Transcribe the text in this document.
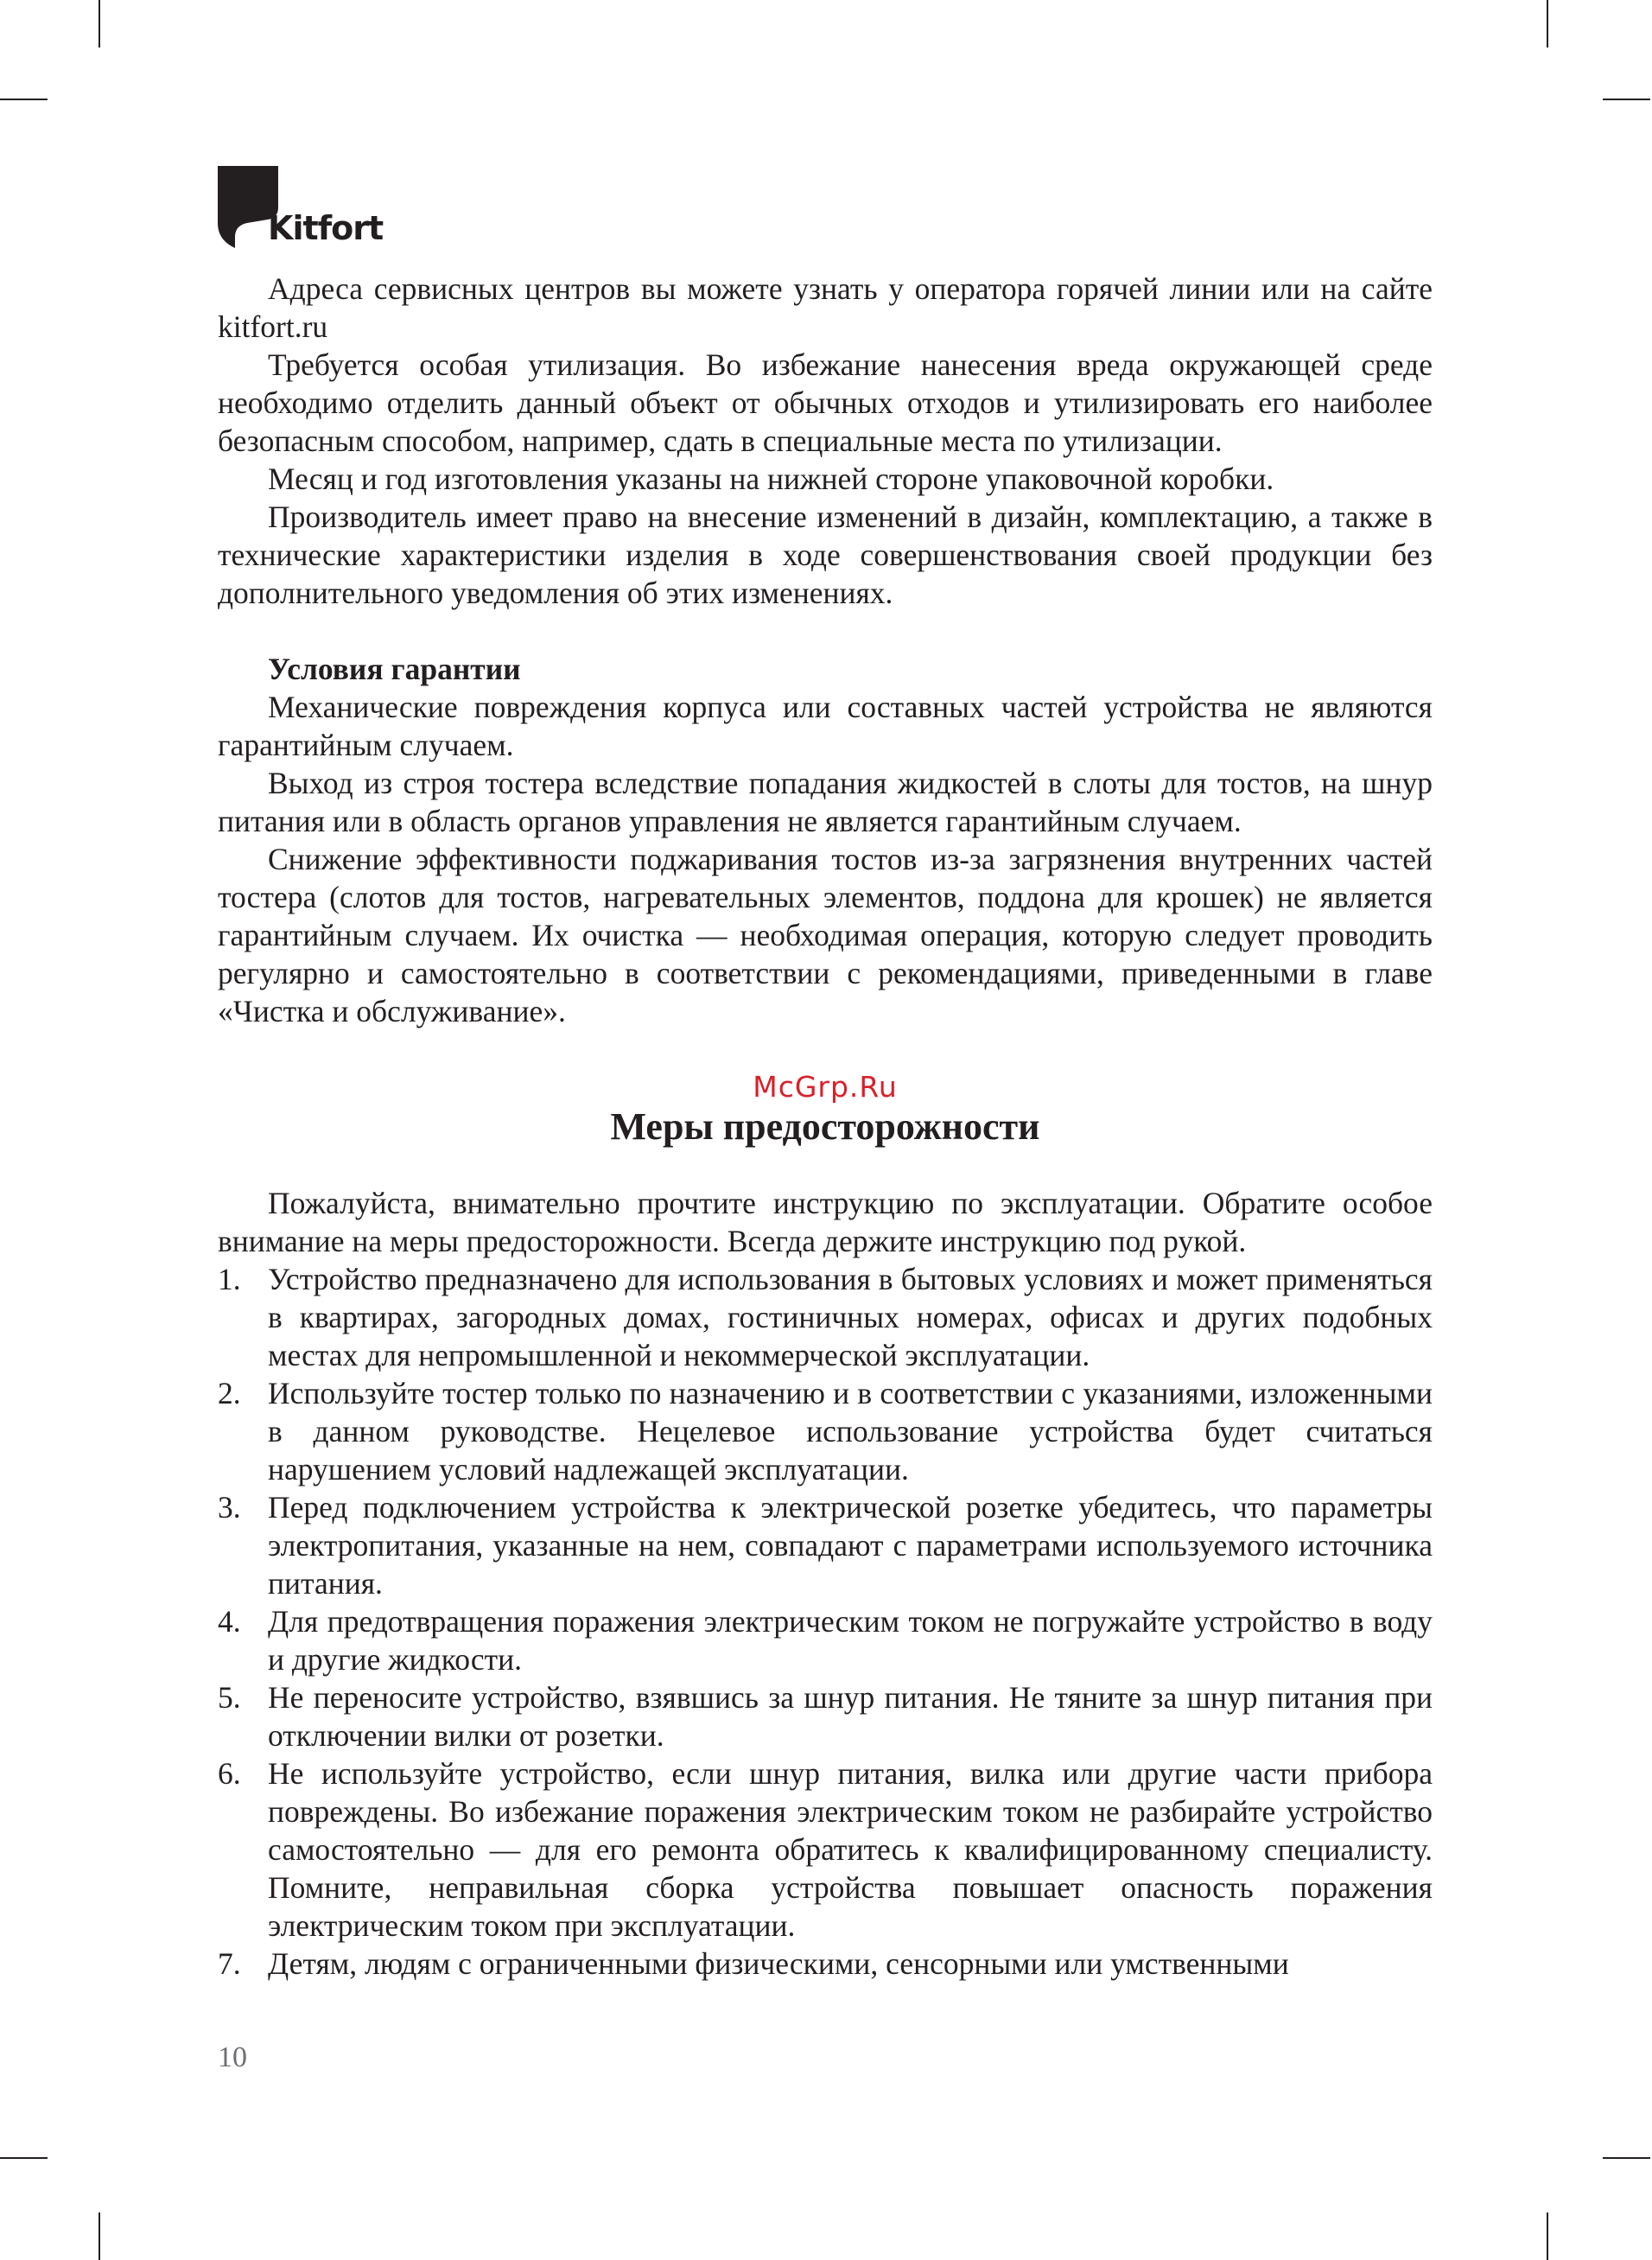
Kitfort

Адреса сервисных центров вы можете узнать у оператора горячей линии или на сайте kitfort.ru

Требуется особая утилизация. Во избежание нанесения вреда окружающей среде необходимо отделить данный объект от обычных отходов и утилизировать его наиболее безопасным способом, например, сдать в специальные места по утилизации.

Месяц и год изготовления указаны на нижней стороне упаковочной коробки.

Производитель имеет право на внесение изменений в дизайн, комплектацию, а также в технические характеристики изделия в ходе совершенствования своей продукции без дополнительного уведомления об этих изменениях.

Условия гарантии

Механические повреждения корпуса или составных частей устройства не являются гарантийным случаем.

Выход из строя тостера вследствие попадания жидкостей в слоты для тостов, на шнур питания или в область органов управления не является гарантийным случаем.

Снижение эффективности поджаривания тостов из-за загрязнения внутренних частей тостера (слотов для тостов, нагревательных элементов, поддона для крошек) не является гарантийным случаем. Их очистка — необходимая операция, которую следует проводить регулярно и самостоятельно в соответствии с рекомендациями, приведенными в главе «Чистка и обслуживание».

McGrp.Ru
Меры предосторожности

Пожалуйста, внимательно прочтите инструкцию по эксплуатации. Обратите особое внимание на меры предосторожности. Всегда держите инструкцию под рукой.

1. Устройство предназначено для использования в бытовых условиях и может применяться в квартирах, загородных домах, гостиничных номерах, офисах и других подобных местах для непромышленной и некоммерческой эксплуатации.
2. Используйте тостер только по назначению и в соответствии с указаниями, изложенными в данном руководстве. Нецелевое использование устройства будет считаться нарушением условий надлежащей эксплуатации.
3. Перед подключением устройства к электрической розетке убедитесь, что параметры электропитания, указанные на нем, совпадают с параметрами используемого источника питания.
4. Для предотвращения поражения электрическим током не погружайте устройство в воду и другие жидкости.
5. Не переносите устройство, взявшись за шнур питания. Не тяните за шнур питания при отключении вилки от розетки.
6. Не используйте устройство, если шнур питания, вилка или другие части прибора повреждены. Во избежание поражения электрическим током не разбирайте устройство самостоятельно — для его ремонта обратитесь к квалифицированному специалисту. Помните, неправильная сборка устройства повышает опасность поражения электрическим током при эксплуатации.
7. Детям, людям с ограниченными физическими, сенсорными или умственными
10
